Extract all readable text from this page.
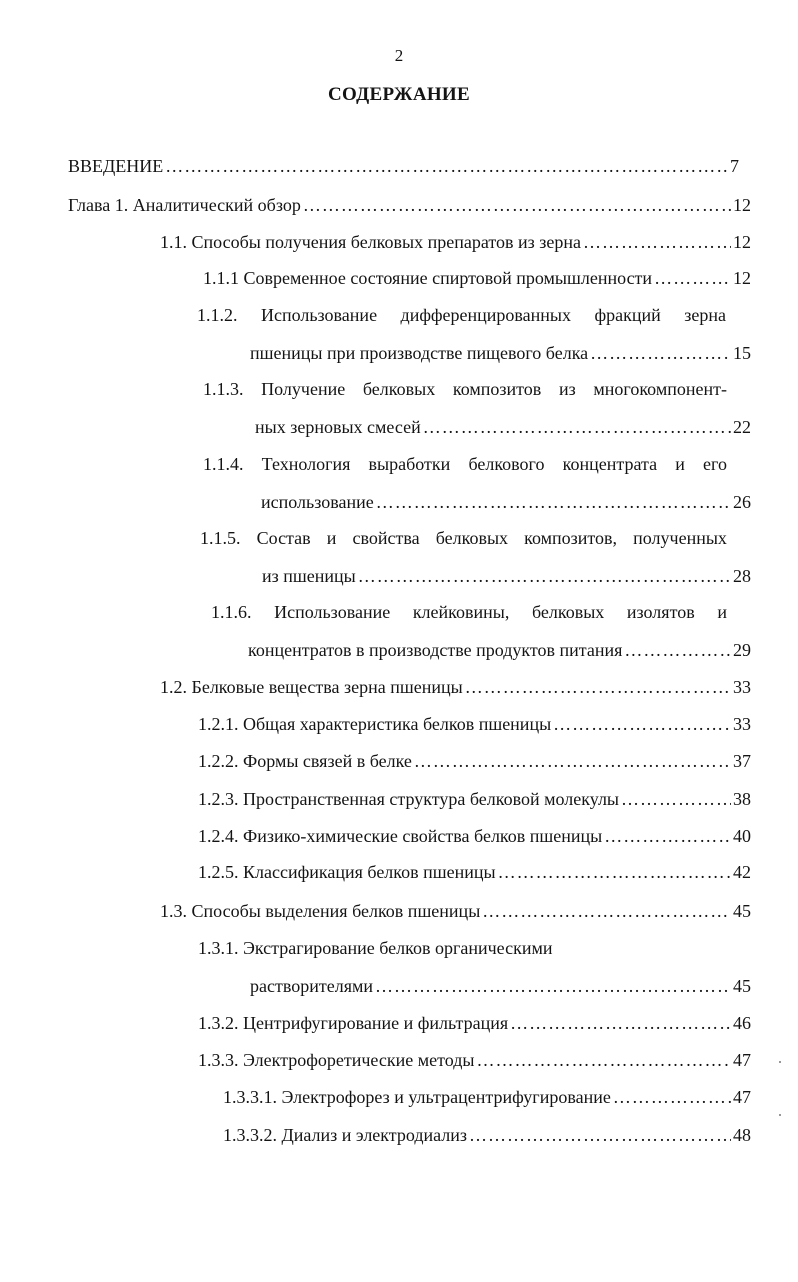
2
СОДЕРЖАНИЕ
ВВЕДЕНИЕ ……………………………………………………………………………………………………………………………………	7
Глава 1. Аналитический обзор ……………………………………………………………………………………………………………………………………	12
1.1. Способы получения белковых препаратов из зерна ……………………………………………………………………………………………………………………………………	12
1.1.1 Современное состояние спиртовой промышленности ……………………………………………………………………………………………………………………………………	12
1.1.2. Использование дифференцированных фракций зерна
пшеницы при производстве пищевого белка ……………………………………………………………………………………………………………………………………	15
1.1.3. Получение белковых композитов из многокомпонент-
ных зерновых смесей ……………………………………………………………………………………………………………………………………	22
1.1.4. Технология выработки белкового концентрата и его
использование ……………………………………………………………………………………………………………………………………	26
1.1.5. Состав и свойства белковых композитов, полученных
из пшеницы ……………………………………………………………………………………………………………………………………	28
1.1.6. Использование клейковины, белковых изолятов и
концентратов в производстве продуктов питания ……………………………………………………………………………………………………………………………………	29
1.2. Белковые вещества зерна пшеницы ……………………………………………………………………………………………………………………………………	33
1.2.1. Общая характеристика белков пшеницы ……………………………………………………………………………………………………………………………………	33
1.2.2. Формы связей в белке ……………………………………………………………………………………………………………………………………	37
1.2.3. Пространственная структура белковой молекулы ……………………………………………………………………………………………………………………………………	38
1.2.4. Физико-химические свойства белков пшеницы ……………………………………………………………………………………………………………………………………	40
1.2.5. Классификация белков пшеницы ……………………………………………………………………………………………………………………………………	42
1.3. Способы выделения белков пшеницы ……………………………………………………………………………………………………………………………………	45
1.3.1. Экстрагирование белков органическими
растворителями ……………………………………………………………………………………………………………………………………	45
1.3.2. Центрифугирование и фильтрация ……………………………………………………………………………………………………………………………………	46
1.3.3. Электрофоретические методы ……………………………………………………………………………………………………………………………………	47
1.3.3.1. Электрофорез и ультрацентрифугирование ……………………………………………………………………………………………………………………………………	47
1.3.3.2. Диализ и электродиализ ……………………………………………………………………………………………………………………………………	48
